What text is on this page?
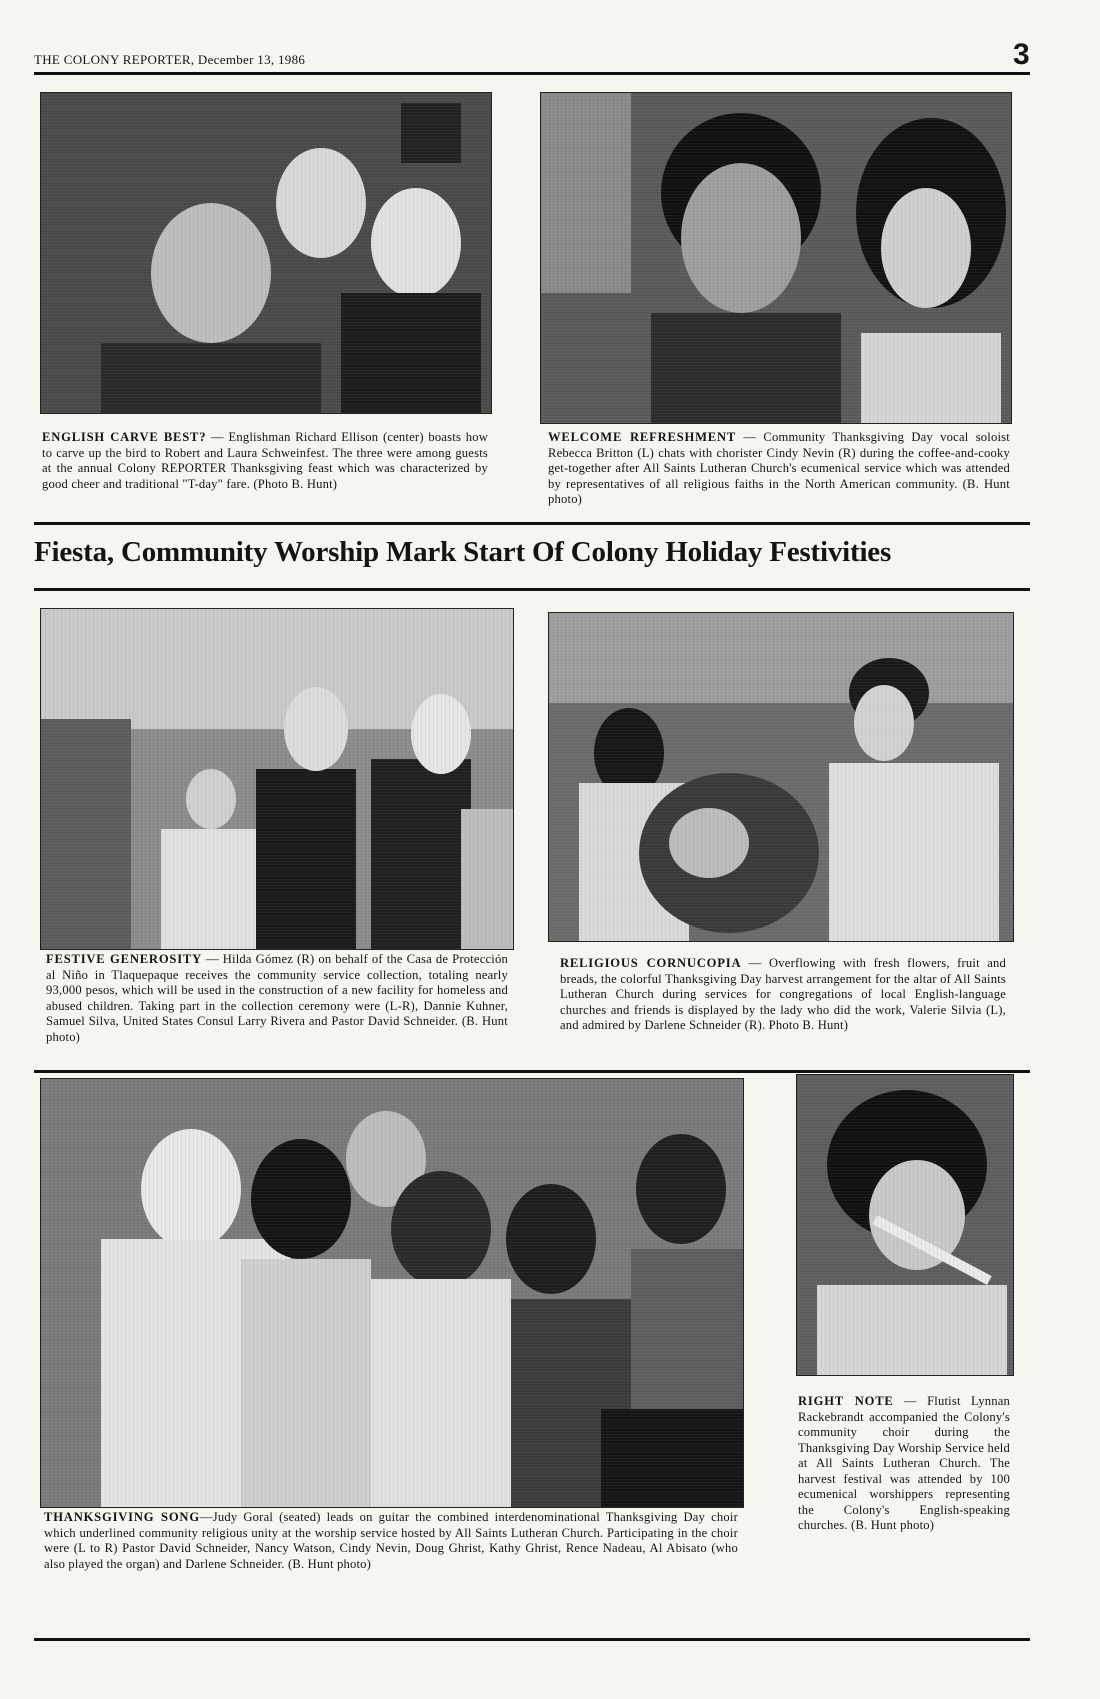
THE COLONY REPORTER, December 13, 1986	3
ENGLISH CARVE BEST? — Englishman Richard Ellison (center) boasts how to carve up the bird to Robert and Laura Schweinfest. The three were among guests at the annual Colony REPORTER Thanksgiving feast which was characterized by good cheer and traditional "T-day" fare. (Photo B. Hunt)
WELCOME REFRESHMENT — Community Thanksgiving Day vocal soloist Rebecca Britton (L) chats with chorister Cindy Nevin (R) during the coffee-and-cooky get-together after All Saints Lutheran Church's ecumenical service which was attended by representatives of all religious faiths in the North American community. (B. Hunt photo)
Fiesta, Community Worship Mark Start Of Colony Holiday Festivities
FESTIVE GENEROSITY — Hilda Gómez (R) on behalf of the Casa de Protección al Niño in Tlaquepaque receives the community service collection, totaling nearly 93,000 pesos, which will be used in the construction of a new facility for homeless and abused children. Taking part in the collection ceremony were (L-R), Dannie Kuhner, Samuel Silva, United States Consul Larry Rivera and Pastor David Schneider. (B. Hunt photo)
RELIGIOUS CORNUCOPIA — Overflowing with fresh flowers, fruit and breads, the colorful Thanksgiving Day harvest arrangement for the altar of All Saints Lutheran Church during services for congregations of local English-language churches and friends is displayed by the lady who did the work, Valerie Silvia (L), and admired by Darlene Schneider (R). Photo B. Hunt)
THANKSGIVING SONG—Judy Goral (seated) leads on guitar the combined interdenominational Thanksgiving Day choir which underlined community religious unity at the worship service hosted by All Saints Lutheran Church. Participating in the choir were (L to R) Pastor David Schneider, Nancy Watson, Cindy Nevin, Doug Ghrist, Kathy Ghrist, Rence Nadeau, Al Abisato (who also played the organ) and Darlene Schneider. (B. Hunt photo)
RIGHT NOTE — Flutist Lynnan Rackebrandt accompanied the Colony's community choir during the Thanksgiving Day Worship Service held at All Saints Lutheran Church. The harvest festival was attended by 100 ecumenical worshippers representing the Colony's English-speaking churches. (B. Hunt photo)
